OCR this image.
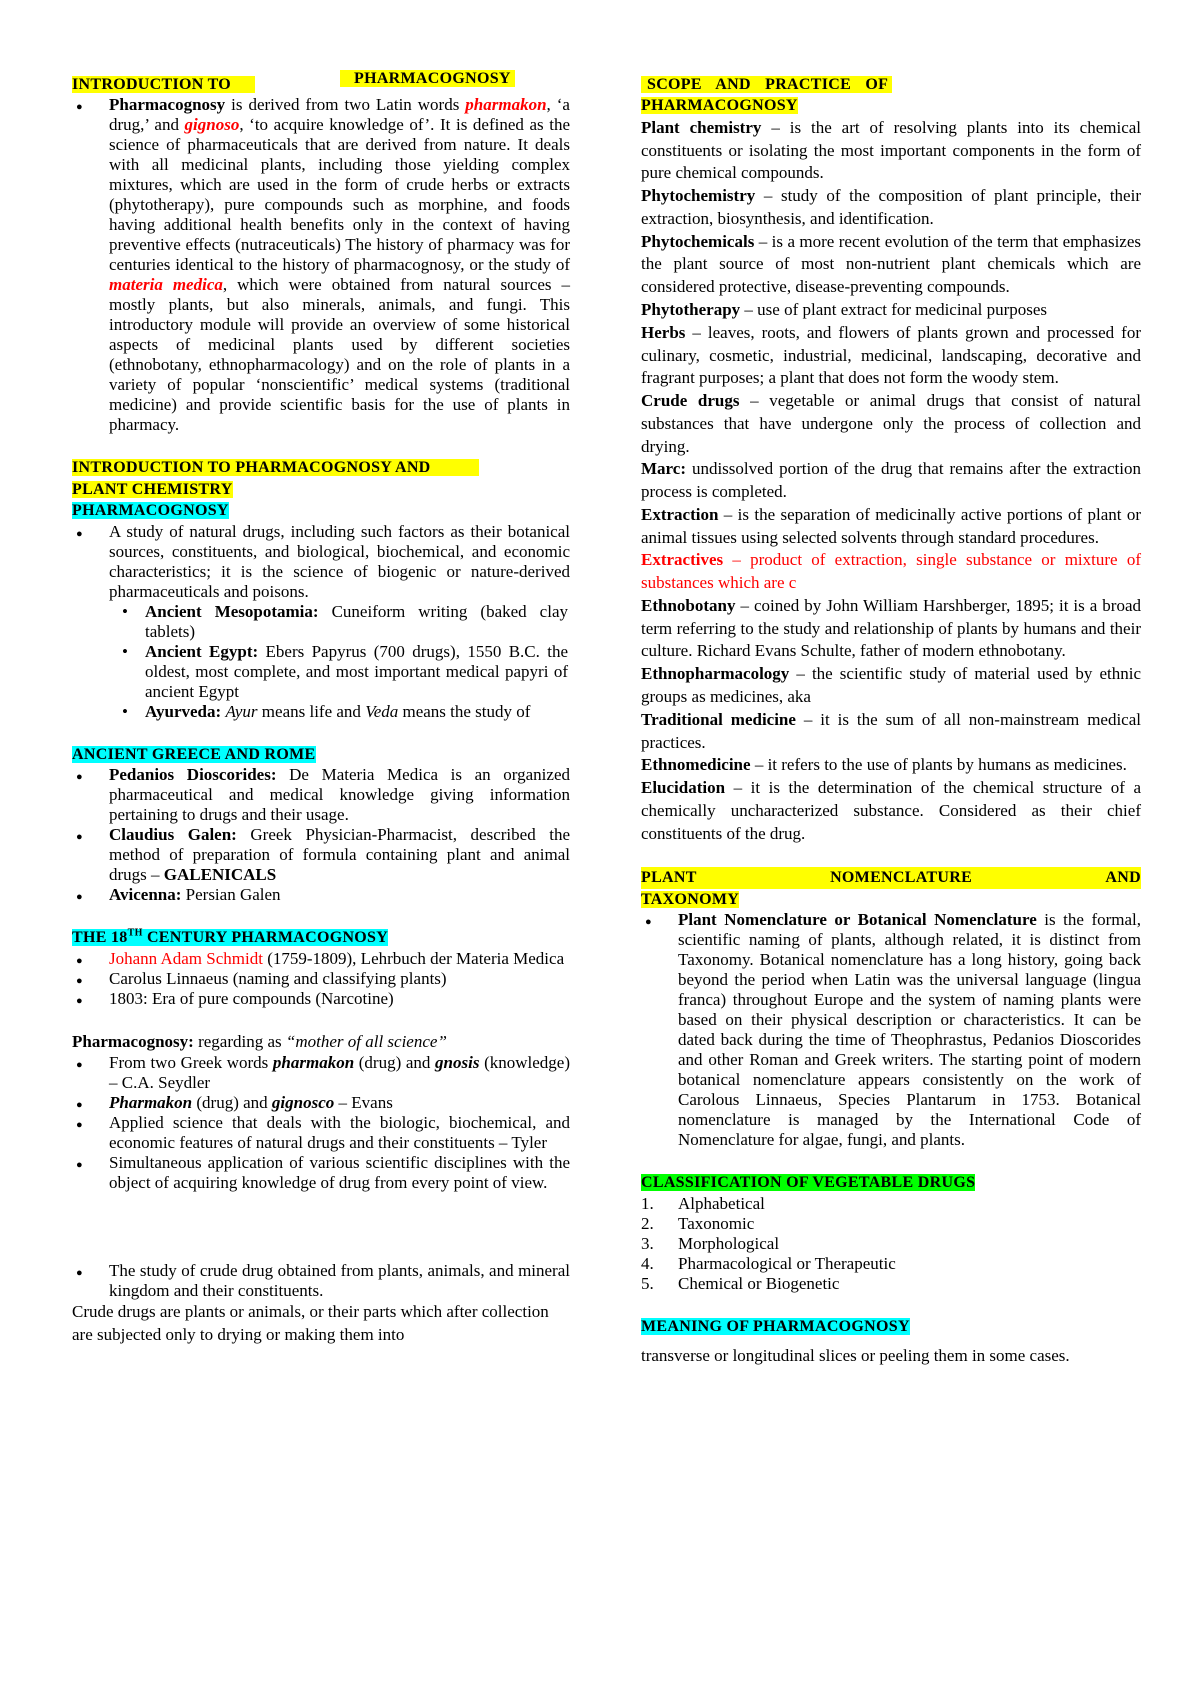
INTRODUCTION TO	PHARMACOGNOSY

● Pharmacognosy is derived from two Latin words pharmakon, ‘a drug,’ and gignoso, ‘to acquire knowledge of’. It is defined as the science of pharmaceuticals that are derived from nature. It deals with all medicinal plants, including those yielding complex mixtures, which are used in the form of crude herbs or extracts (phytotherapy), pure compounds such as morphine, and foods having additional health benefits only in the context of having preventive effects (nutraceuticals) The history of pharmacy was for centuries identical to the history of pharmacognosy, or the study of materia medica, which were obtained from natural sources – mostly plants, but also minerals, animals, and fungi. This introductory module will provide an overview of some historical aspects of medicinal plants used by different societies (ethnobotany, ethnopharmacology) and on the role of plants in a variety of popular ‘nonscientific’ medical systems (traditional medicine) and provide scientific basis for the use of plants in pharmacy.

INTRODUCTION TO PHARMACOGNOSY AND
PLANT CHEMISTRY

PHARMACOGNOSY

● A study of natural drugs, including such factors as their botanical sources, constituents, and biological, biochemical, and economic characteristics; it is the science of biogenic or nature-derived pharmaceuticals and poisons.
• Ancient Mesopotamia: Cuneiform writing (baked clay tablets)
• Ancient Egypt: Ebers Papyrus (700 drugs), 1550 B.C. the oldest, most complete, and most important medical papyri of ancient Egypt
• Ayurveda: Ayur means life and Veda means the study of

ANCIENT GREECE AND ROME

● Pedanios Dioscorides: De Materia Medica is an organized pharmaceutical and medical knowledge giving information pertaining to drugs and their usage.
● Claudius Galen: Greek Physician-Pharmacist, described the method of preparation of formula containing plant and animal drugs – GALENICALS
● Avicenna: Persian Galen

THE 18TH CENTURY PHARMACOGNOSY

● Johann Adam Schmidt (1759-1809), Lehrbuch der Materia Medica
● Carolus Linnaeus (naming and classifying plants)
● 1803: Era of pure compounds (Narcotine)

Pharmacognosy: regarding as “mother of all science”

● From two Greek words pharmakon (drug) and gnosis (knowledge) – C.A. Seydler
● Pharmakon (drug) and gignosco – Evans
● Applied science that deals with the biologic, biochemical, and economic features of natural drugs and their constituents – Tyler
● Simultaneous application of various scientific disciplines with the object of acquiring knowledge of drug from every point of view.
● The study of crude drug obtained from plants, animals, and mineral kingdom and their constituents.

Crude drugs are plants or animals, or their parts which after collection are subjected only to drying or making them into

SCOPE AND PRACTICE OF
PHARMACOGNOSY

Plant chemistry – is the art of resolving plants into its chemical constituents or isolating the most important components in the form of pure chemical compounds.

Phytochemistry – study of the composition of plant principle, their extraction, biosynthesis, and identification.

Phytochemicals – is a more recent evolution of the term that emphasizes the plant source of most non-nutrient plant chemicals which are considered protective, disease-preventing compounds.

Phytotherapy – use of plant extract for medicinal purposes

Herbs – leaves, roots, and flowers of plants grown and processed for culinary, cosmetic, industrial, medicinal, landscaping, decorative and fragrant purposes; a plant that does not form the woody stem.

Crude drugs – vegetable or animal drugs that consist of natural substances that have undergone only the process of collection and drying.

Marc: undissolved portion of the drug that remains after the extraction process is completed.

Extraction – is the separation of medicinally active portions of plant or animal tissues using selected solvents through standard procedures.

Extractives – product of extraction, single substance or mixture of substances which are c

Ethnobotany – coined by John William Harshberger, 1895; it is a broad term referring to the study and relationship of plants by humans and their culture. Richard Evans Schulte, father of modern ethnobotany.

Ethnopharmacology – the scientific study of material used by ethnic groups as medicines, aka

Traditional medicine – it is the sum of all non-mainstream medical practices.

Ethnomedicine – it refers to the use of plants by humans as medicines.

Elucidation – it is the determination of the chemical structure of a chemically uncharacterized substance. Considered as their chief constituents of the drug.

PLANT	NOMENCLATURE	AND

TAXONOMY

● Plant Nomenclature or Botanical Nomenclature is the formal, scientific naming of plants, although related, it is distinct from Taxonomy. Botanical nomenclature has a long history, going back beyond the period when Latin was the universal language (lingua franca) throughout Europe and the system of naming plants were based on their physical description or characteristics. It can be dated back during the time of Theophrastus, Pedanios Dioscorides and other Roman and Greek writers. The starting point of modern botanical nomenclature appears consistently on the work of Carolous Linnaeus, Species Plantarum in 1753. Botanical nomenclature is managed by the International Code of Nomenclature for algae, fungi, and plants.

CLASSIFICATION OF VEGETABLE DRUGS

1. Alphabetical
2. Taxonomic
3. Morphological
4. Pharmacological or Therapeutic
5. Chemical or Biogenetic

MEANING OF PHARMACOGNOSY

transverse or longitudinal slices or peeling them in some cases.
